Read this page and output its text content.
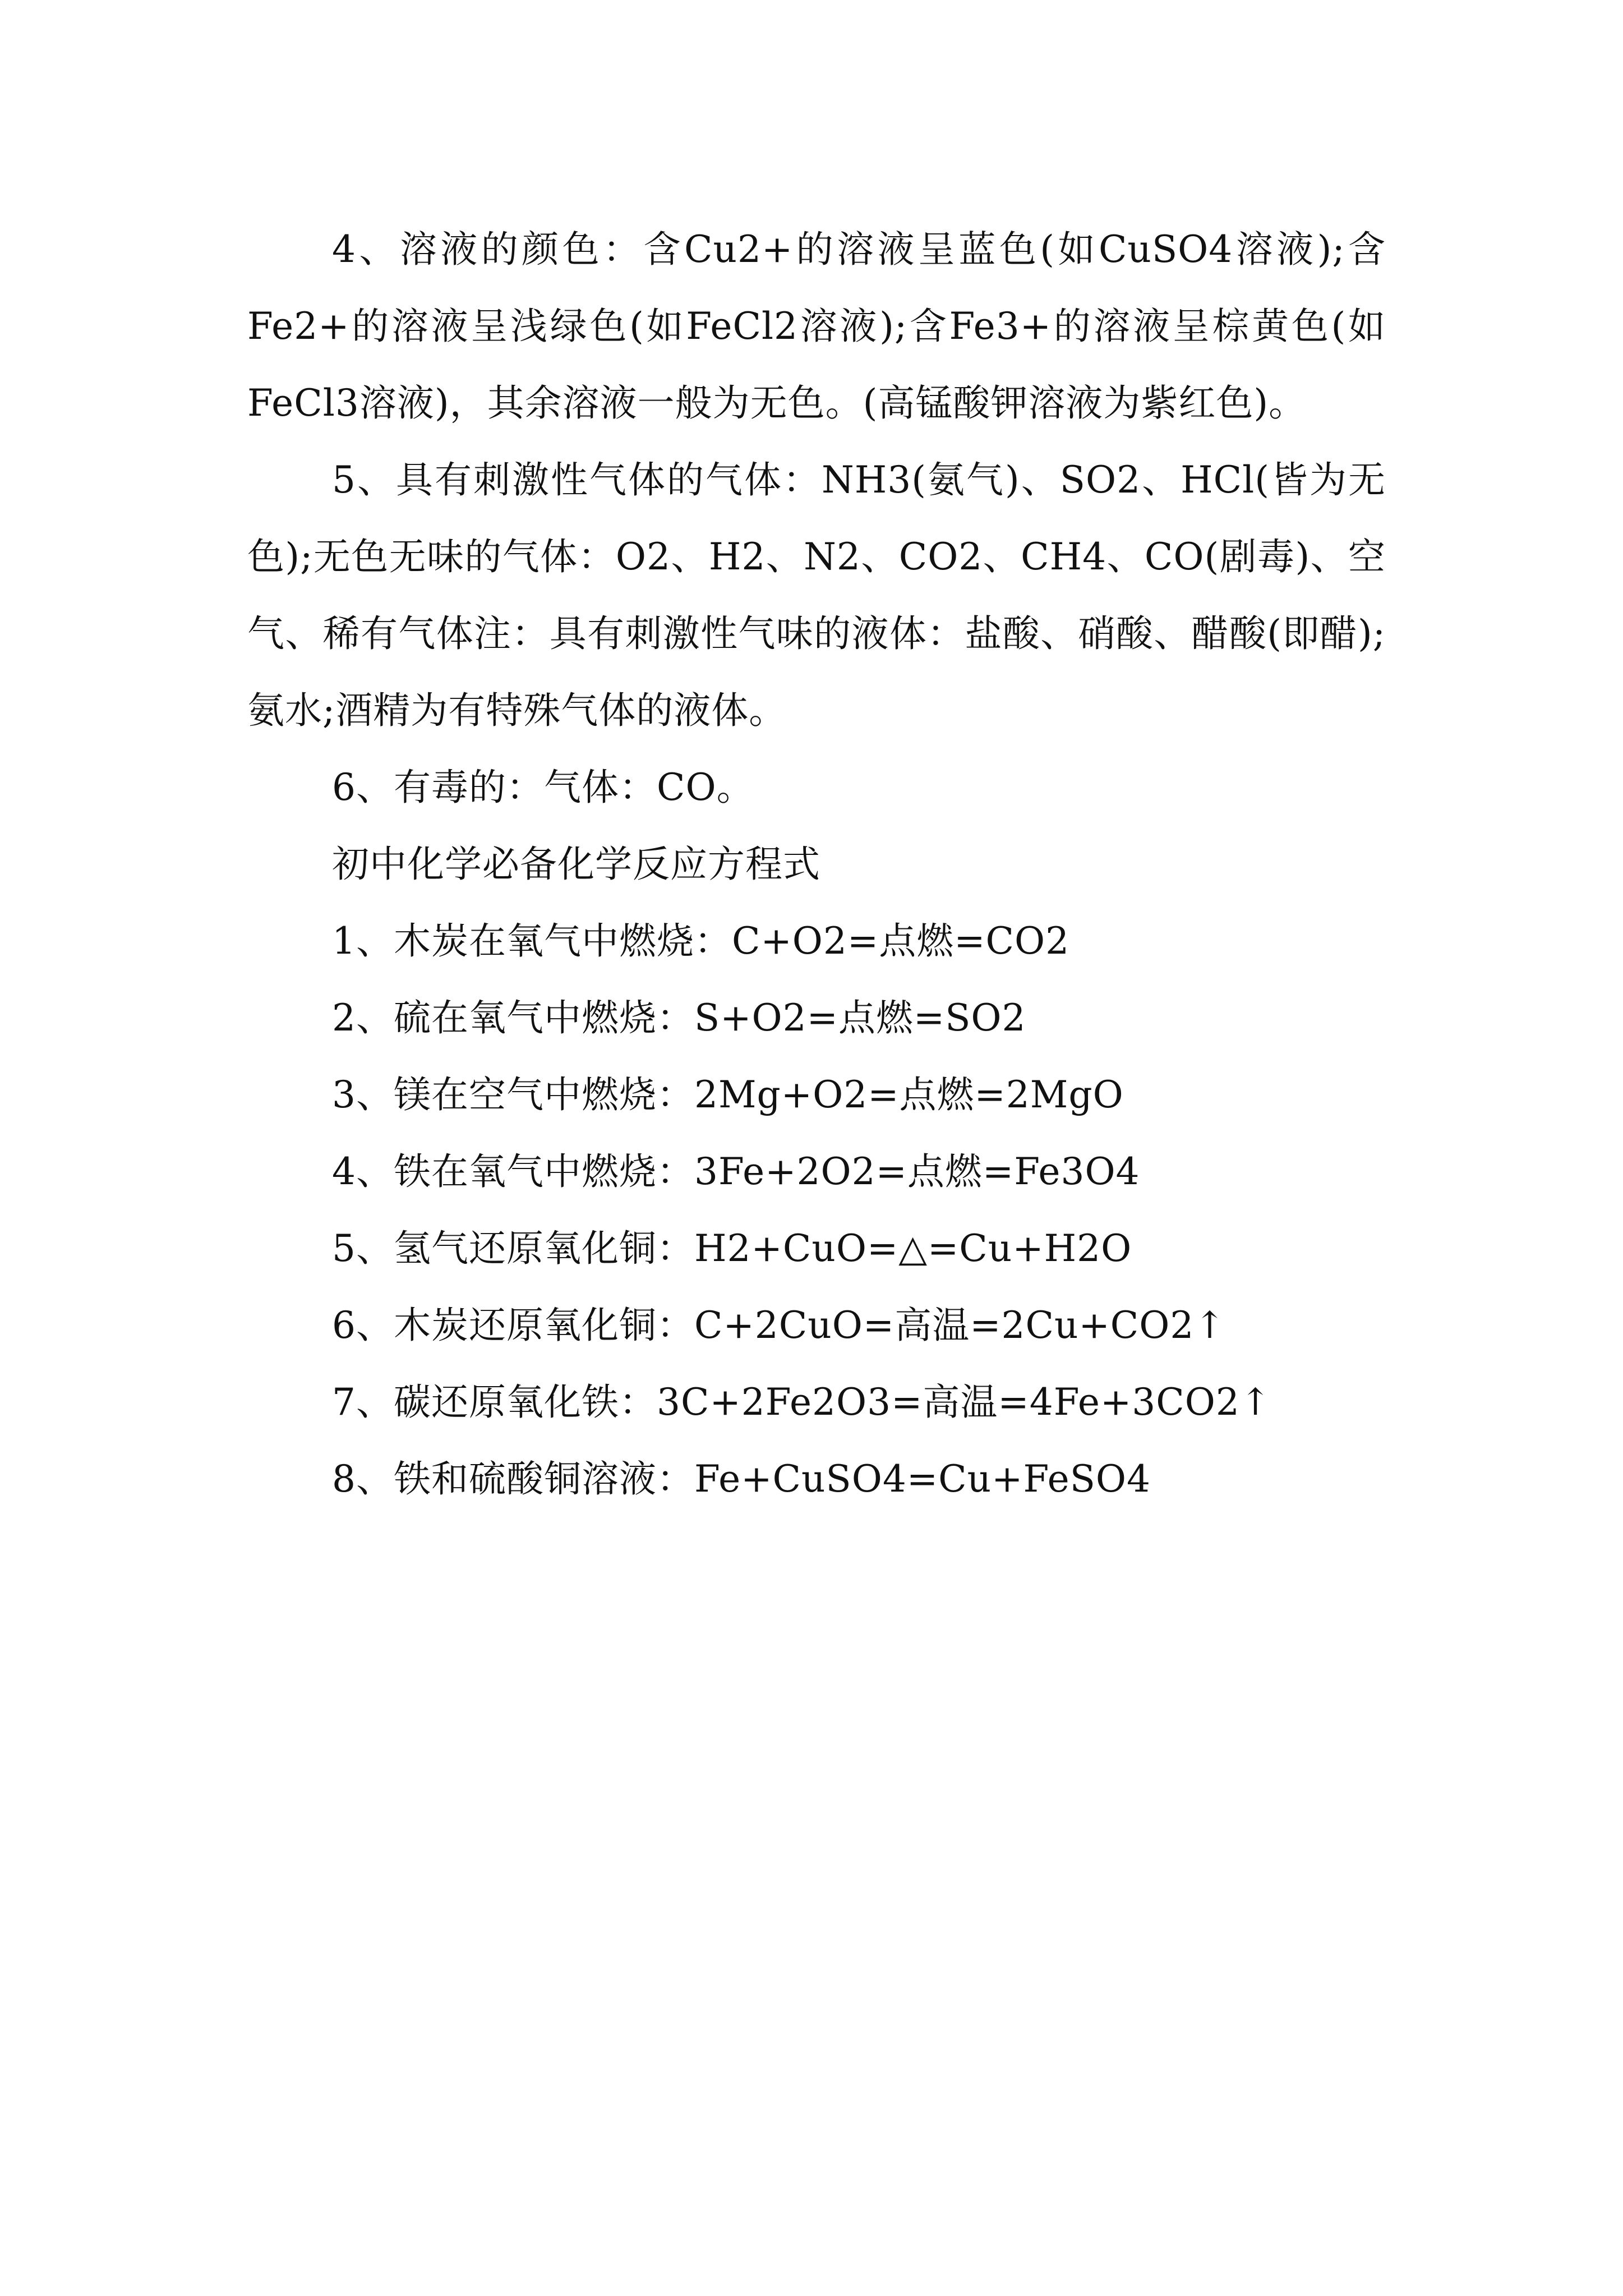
4、溶液的颜色：含Cu2+的溶液呈蓝色(如CuSO4溶液);含Fe2+的溶液呈浅绿色(如FeCl2溶液);含Fe3+的溶液呈棕黄色(如FeCl3溶液)，其余溶液一般为无色。(高锰酸钾溶液为紫红色)。

5、具有刺激性气体的气体：NH3(氨气)、SO2、HCl(皆为无色);无色无味的气体：O2、H2、N2、CO2、CH4、CO(剧毒)、空气、稀有气体注：具有刺激性气味的液体：盐酸、硝酸、醋酸(即醋);氨水;酒精为有特殊气体的液体。

6、有毒的：气体：CO。

初中化学必备化学反应方程式

1、木炭在氧气中燃烧：C+O2=点燃=CO2

2、硫在氧气中燃烧：S+O2=点燃=SO2

3、镁在空气中燃烧：2Mg+O2=点燃=2MgO

4、铁在氧气中燃烧：3Fe+2O2=点燃=Fe3O4

5、氢气还原氧化铜：H2+CuO=△=Cu+H2O

6、木炭还原氧化铜：C+2CuO=高温=2Cu+CO2↑

7、碳还原氧化铁：3C+2Fe2O3=高温=4Fe+3CO2↑

8、铁和硫酸铜溶液：Fe+CuSO4=Cu+FeSO4
